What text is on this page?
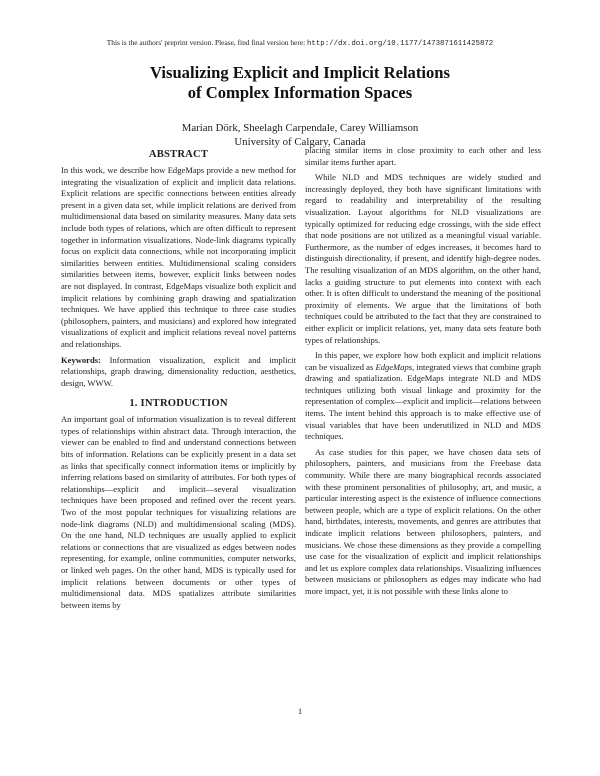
This is the authors' preprint version. Please, find final version here: http://dx.doi.org/10.1177/1473871611425872
Visualizing Explicit and Implicit Relations
of Complex Information Spaces
Marian Dörk, Sheelagh Carpendale, Carey Williamson
University of Calgary, Canada
ABSTRACT

In this work, we describe how EdgeMaps provide a new method for integrating the visualization of explicit and implicit data relations. Explicit relations are specific connections between entities already present in a given data set, while implicit relations are derived from multidimensional data based on similarity measures. Many data sets include both types of relations, which are often difficult to represent together in information visualizations. Node-link diagrams typically focus on explicit data connections, while not incorporating implicit similarities between entities. Multidimensional scaling considers similarities between items, however, explicit links between nodes are not displayed. In contrast, EdgeMaps visualize both explicit and implicit relations by combining graph drawing and spatialization techniques. We have applied this technique to three case studies (philosophers, painters, and musicians) and explored how integrated visualizations of explicit and implicit relations reveal novel patterns and relationships.

Keywords: Information visualization, explicit and implicit relationships, graph drawing, dimensionality reduction, aesthetics, design, WWW.

1. INTRODUCTION

An important goal of information visualization is to reveal different types of relationships within abstract data. Through interaction, the viewer can be enabled to find and understand connections between bits of information. Relations can be explicitly present in a data set as links that specifically connect information items or implicitly by inferring relations based on similarity of attributes. For both types of relationships—explicit and implicit—several visualization techniques have been proposed and refined over the recent years. Two of the most popular techniques for visualizing relations are node-link diagrams (NLD) and multidimensional scaling (MDS). On the one hand, NLD techniques are usually applied to explicit relations or connections that are visualized as edges between nodes representing, for example, online communities, computer networks, or linked web pages. On the other hand, MDS is typically used for implicit relations between documents or other types of multidimensional data. MDS spatializes attribute similarities between items by

placing similar items in close proximity to each other and less similar items further apart.

While NLD and MDS techniques are widely studied and increasingly deployed, they both have significant limitations with regard to readability and interpretability of the resulting visualization. Layout algorithms for NLD visualizations are typically optimized for reducing edge crossings, with the side effect that node positions are not utilized as a meaningful visual variable. Furthermore, as the number of edges increases, it becomes hard to distinguish directionality, if present, and identify high-degree nodes. The resulting visualization of an MDS algorithm, on the other hand, lacks a guiding structure to put elements into context with each other. It is often difficult to understand the meaning of the positional proximity of elements. We argue that the limitations of both techniques could be attributed to the fact that they are constrained to either explicit or implicit relations, yet, many data sets feature both types of relationships.

In this paper, we explore how both explicit and implicit relations can be visualized as EdgeMaps, integrated views that combine graph drawing and spatialization. EdgeMaps integrate NLD and MDS techniques utilizing both visual linkage and proximity for the representation of complex—explicit and implicit—relations between items. The intent behind this approach is to make effective use of visual variables that have been underutilized in NLD and MDS techniques.

As case studies for this paper, we have chosen data sets of philosophers, painters, and musicians from the Freebase data community. While there are many biographical records associated with these prominent personalities of philosophy, art, and music, a particular interesting aspect is the existence of influence connections between people, which are a type of explicit relations. On the other hand, birthdates, interests, movements, and genres are attributes that indicate implicit relations between philosophers, painters, and musicians. We chose these dimensions as they provide a compelling use case for the visualization of explicit and implicit relationships and let us explore complex data relationships. Visualizing influences between musicians or philosophers as edges may indicate who had more impact, yet, it is not possible with these links alone to

1
